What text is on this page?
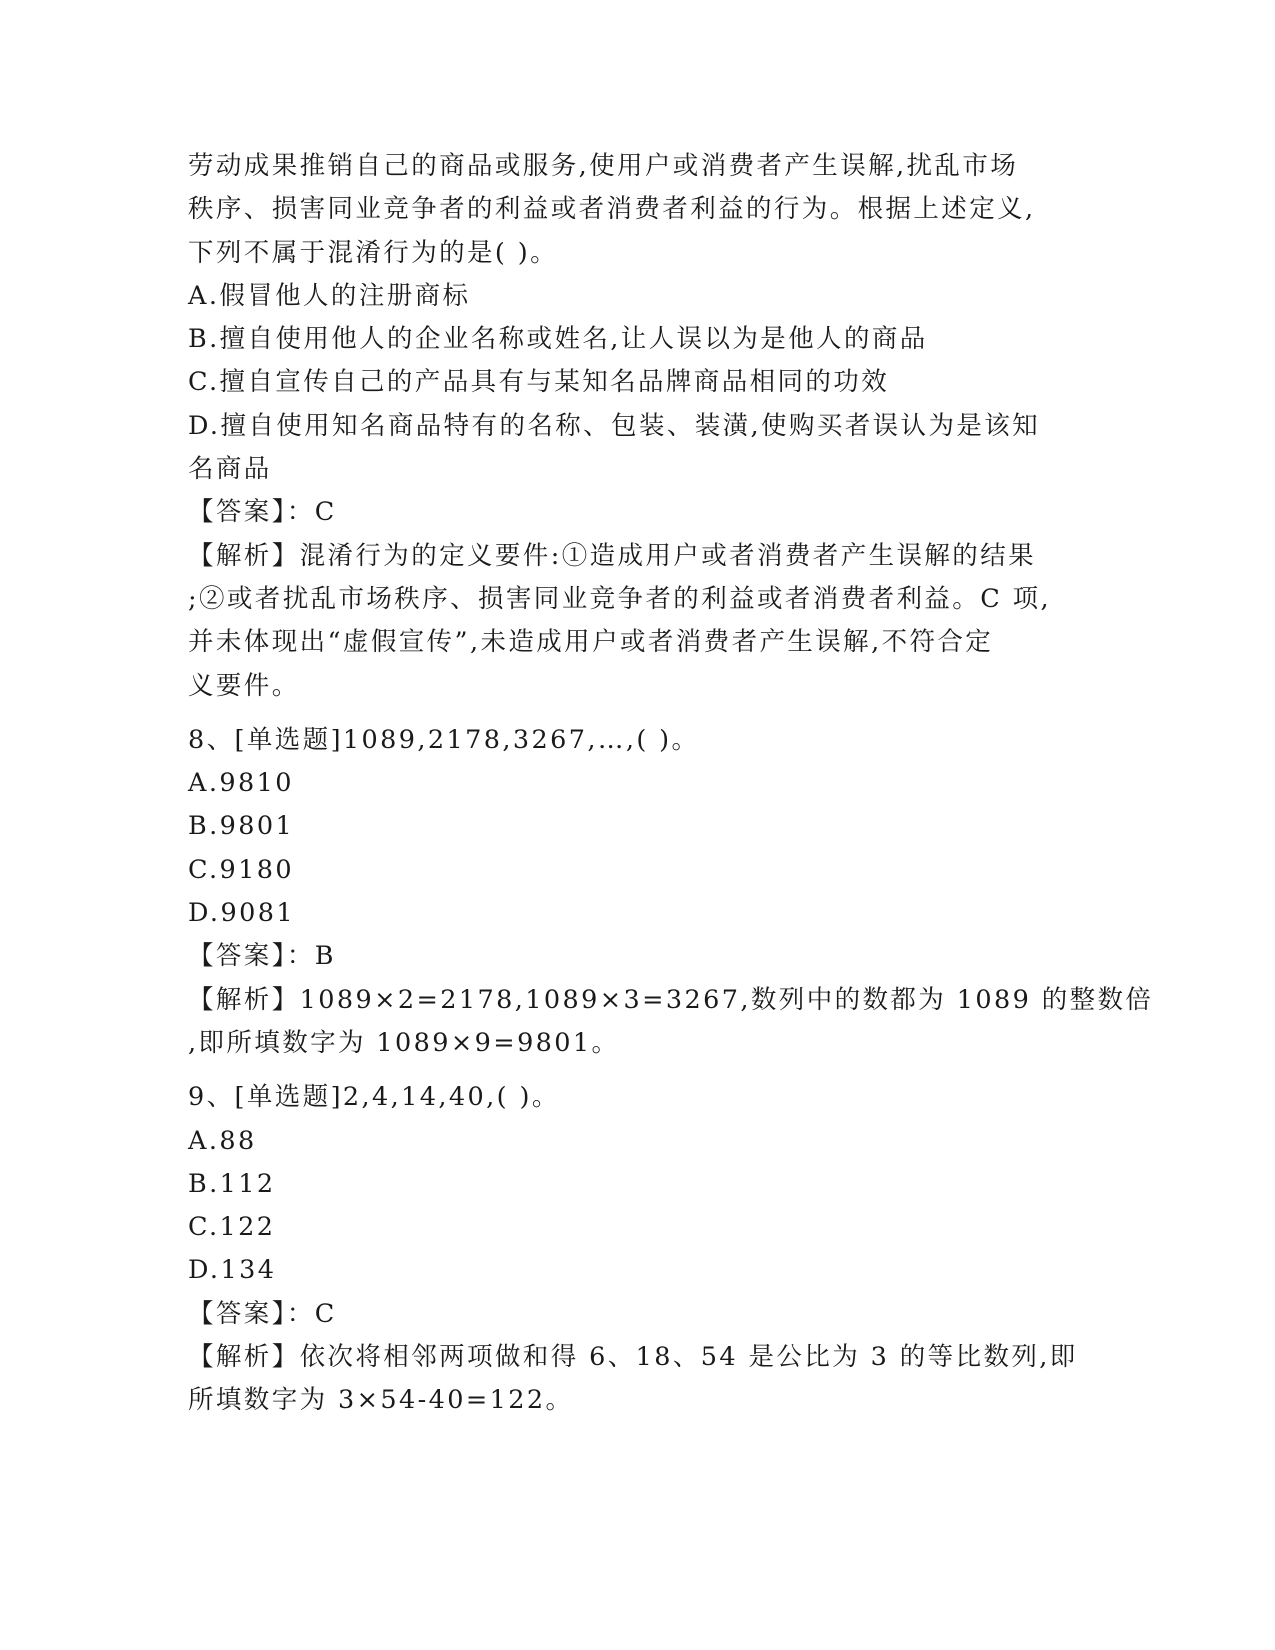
劳动成果推销自己的商品或服务,使用户或消费者产生误解,扰乱市场
秩序、损害同业竞争者的利益或者消费者利益的行为。根据上述定义,
下列不属于混淆行为的是( )。
A.假冒他人的注册商标
B.擅自使用他人的企业名称或姓名,让人误以为是他人的商品
C.擅自宣传自己的产品具有与某知名品牌商品相同的功效
D.擅自使用知名商品特有的名称、包装、装潢,使购买者误认为是该知
名商品
【答案】：C
【解析】混淆行为的定义要件:①造成用户或者消费者产生误解的结果
;②或者扰乱市场秩序、损害同业竞争者的利益或者消费者利益。C 项,
并未体现出“虚假宣传”,未造成用户或者消费者产生误解,不符合定
义要件。
8、[单选题]1089,2178,3267,…,( )。
A.9810
B.9801
C.9180
D.9081
【答案】：B
【解析】1089×2=2178,1089×3=3267,数列中的数都为 1089 的整数倍
,即所填数字为 1089×9=9801。
9、[单选题]2,4,14,40,( )。
A.88
B.112
C.122
D.134
【答案】：C
【解析】依次将相邻两项做和得 6、18、54 是公比为 3 的等比数列,即
所填数字为 3×54-40=122。
